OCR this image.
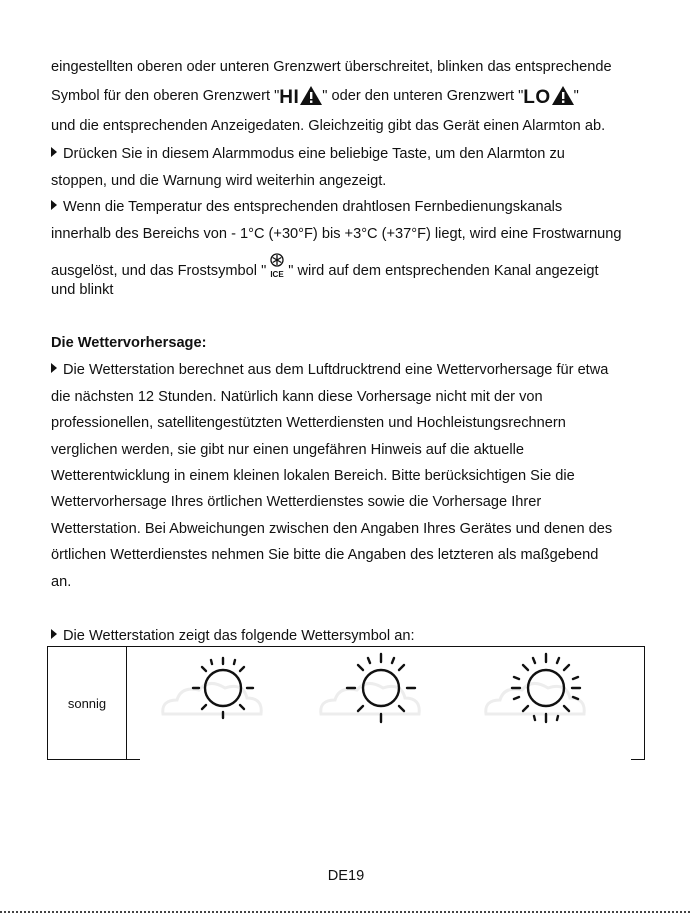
eingestellten oberen oder unteren Grenzwert überschreitet, blinken das entsprechende
Symbol für den oberen Grenzwert "HI " oder den unteren Grenzwert "LO "
und die entsprechenden Anzeigedaten. Gleichzeitig gibt das Gerät einen Alarmton ab.
Drücken Sie in diesem Alarmmodus eine beliebige Taste, um den Alarmton zu
stoppen, und die Warnung wird weiterhin angezeigt.
Wenn die Temperatur des entsprechenden drahtlosen Fernbedienungskanals
innerhalb des Bereichs von - 1°C (+30°F) bis +3°C (+37°F) liegt, wird eine Frostwarnung
ausgelöst, und das Frostsymbol " ICE " wird auf dem entsprechenden Kanal angezeigt
und blinkt
Die Wettervorhersage:
Die Wetterstation berechnet aus dem Luftdrucktrend eine Wettervorhersage für etwa
die nächsten 12 Stunden. Natürlich kann diese Vorhersage nicht mit der von
professionellen, satellitengestützten Wetterdiensten und Hochleistungsrechnern
verglichen werden, sie gibt nur einen ungefähren Hinweis auf die aktuelle
Wetterentwicklung in einem kleinen lokalen Bereich. Bitte berücksichtigen Sie die
Wettervorhersage Ihres örtlichen Wetterdienstes sowie die Vorhersage Ihrer
Wetterstation. Bei Abweichungen zwischen den Angaben Ihres Gerätes und denen des
örtlichen Wetterdienstes nehmen Sie bitte die Angaben des letzteren als maßgebend
an.
Die Wetterstation zeigt das folgende Wettersymbol an:
sonnig
DE19
